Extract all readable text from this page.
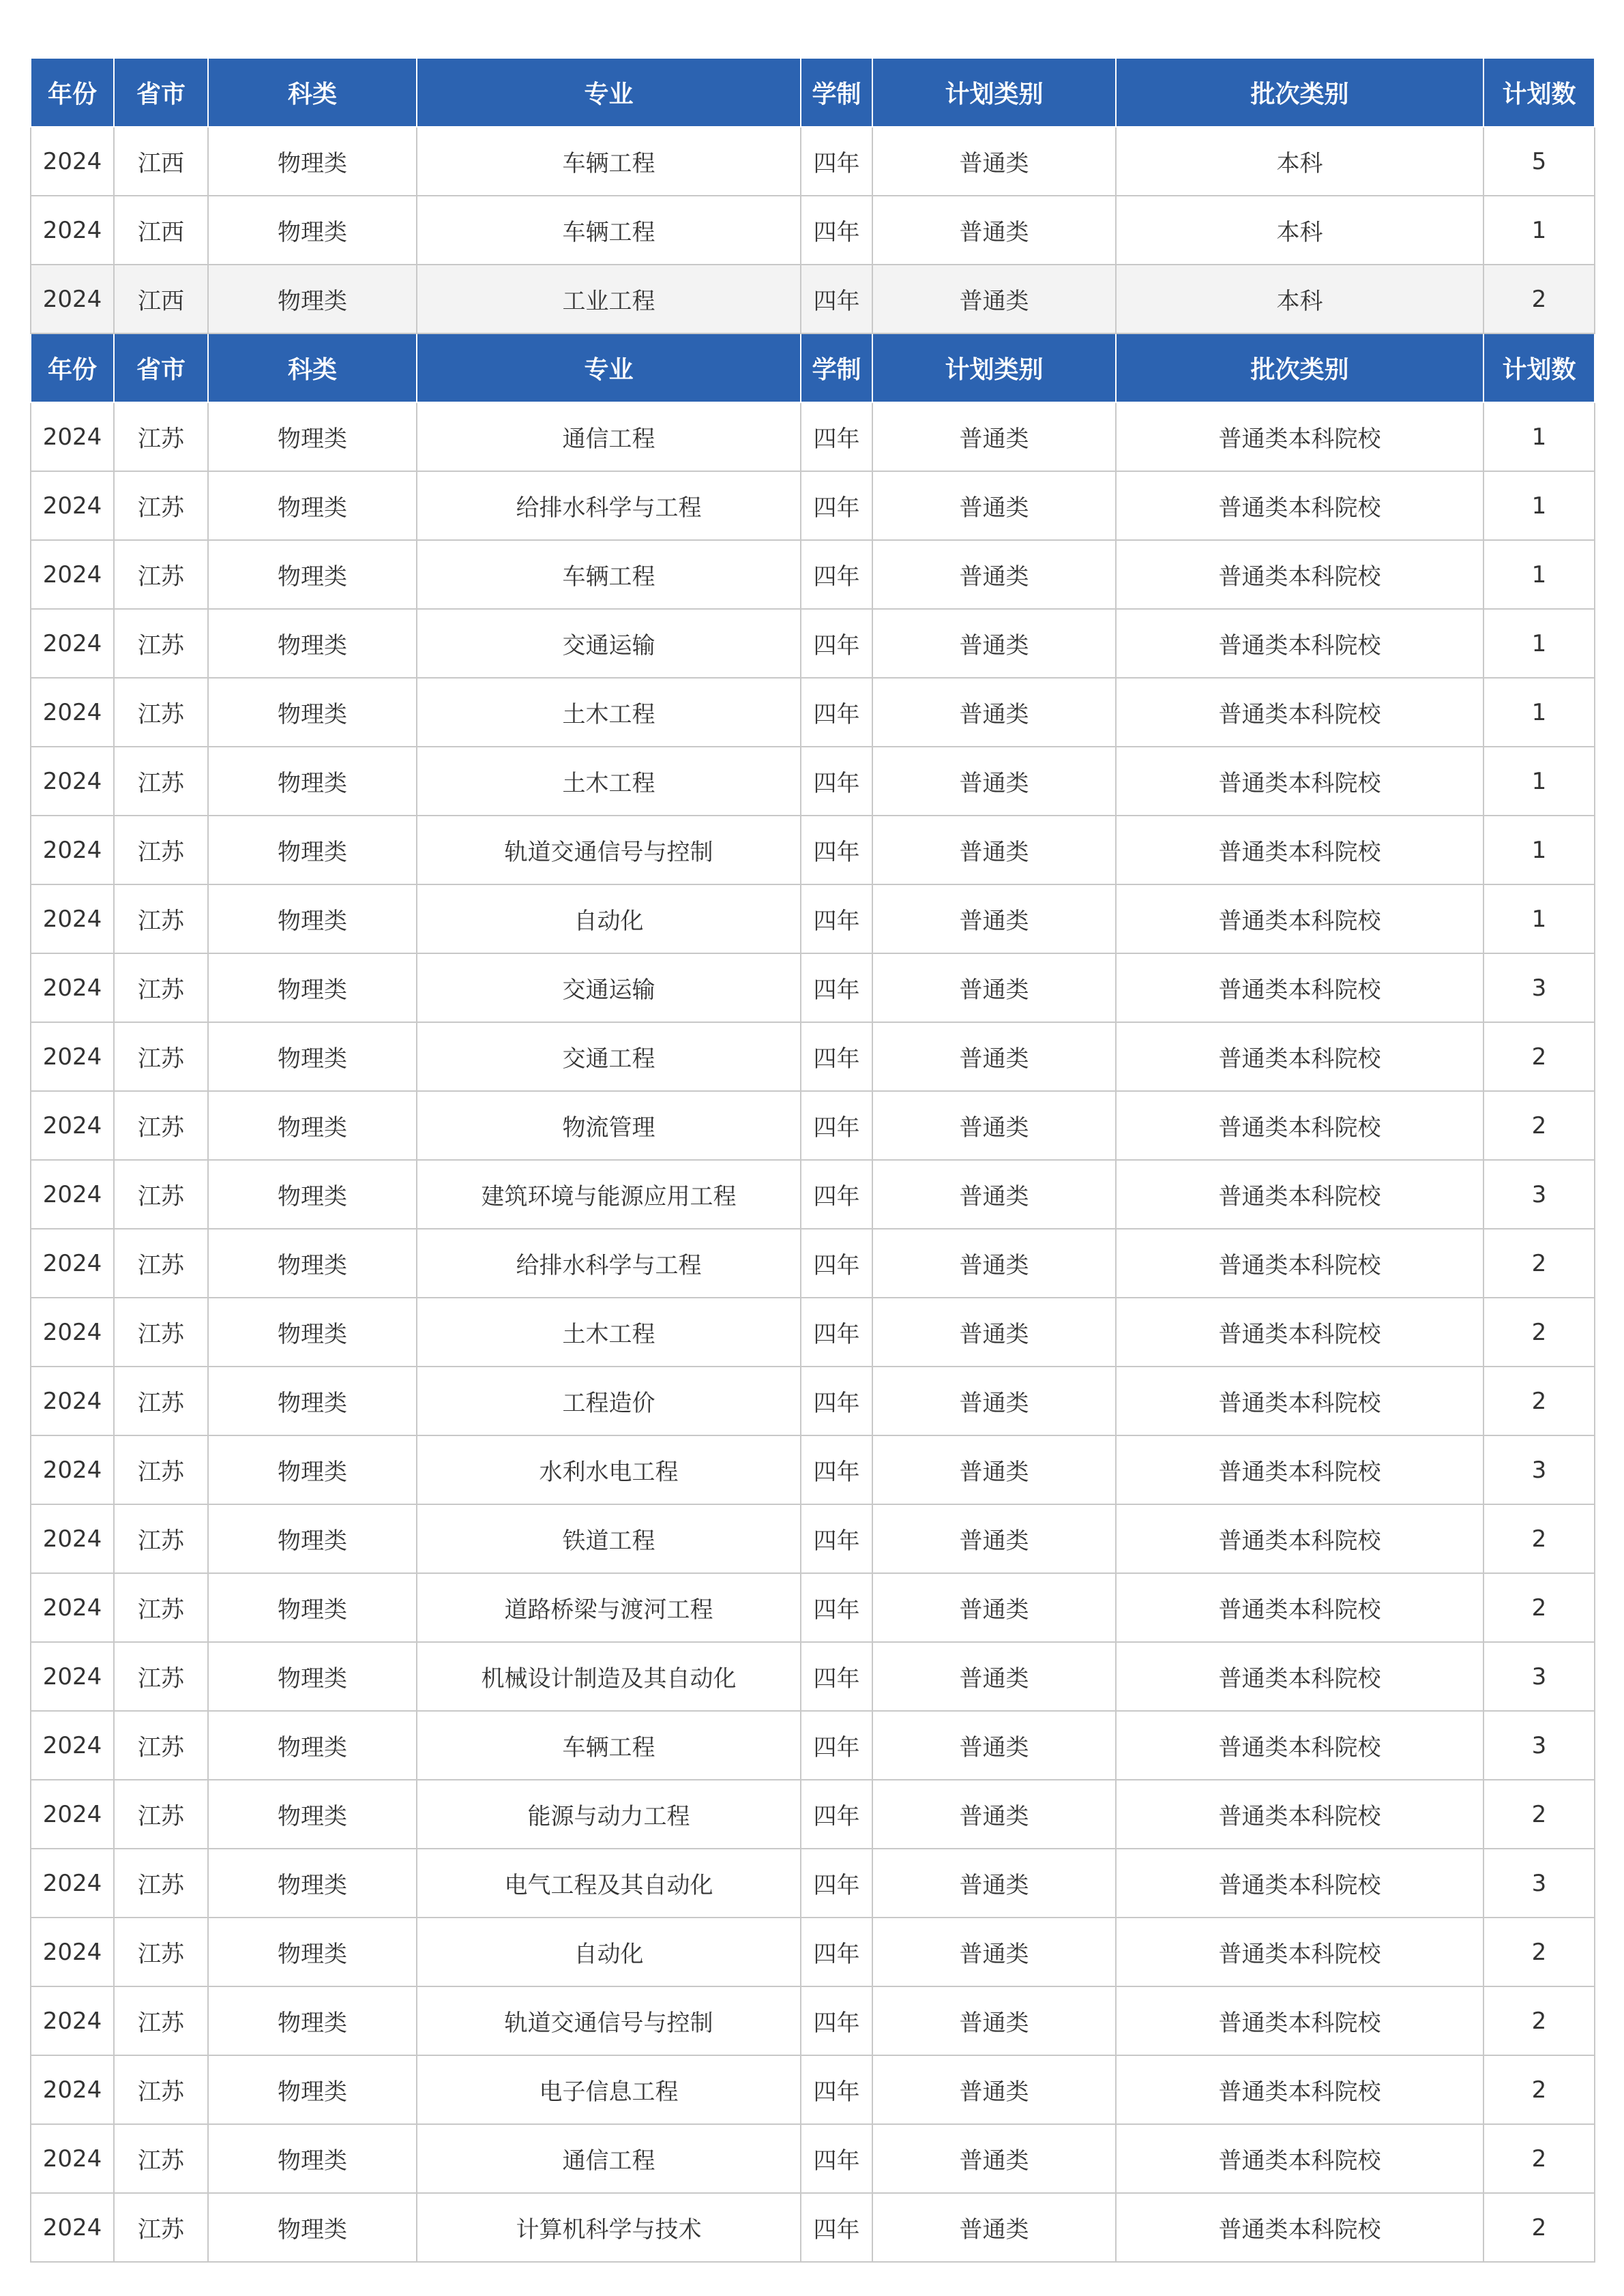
年份	省市	科类	专业	学制	计划类别	批次类别	计划数
2024	江西	物理类	车辆工程	四年	普通类	本科	5
2024	江西	物理类	车辆工程	四年	普通类	本科	1
2024	江西	物理类	工业工程	四年	普通类	本科	2
年份	省市	科类	专业	学制	计划类别	批次类别	计划数
2024	江苏	物理类	通信工程	四年	普通类	普通类本科院校	1
2024	江苏	物理类	给排水科学与工程	四年	普通类	普通类本科院校	1
2024	江苏	物理类	车辆工程	四年	普通类	普通类本科院校	1
2024	江苏	物理类	交通运输	四年	普通类	普通类本科院校	1
2024	江苏	物理类	土木工程	四年	普通类	普通类本科院校	1
2024	江苏	物理类	土木工程	四年	普通类	普通类本科院校	1
2024	江苏	物理类	轨道交通信号与控制	四年	普通类	普通类本科院校	1
2024	江苏	物理类	自动化	四年	普通类	普通类本科院校	1
2024	江苏	物理类	交通运输	四年	普通类	普通类本科院校	3
2024	江苏	物理类	交通工程	四年	普通类	普通类本科院校	2
2024	江苏	物理类	物流管理	四年	普通类	普通类本科院校	2
2024	江苏	物理类	建筑环境与能源应用工程	四年	普通类	普通类本科院校	3
2024	江苏	物理类	给排水科学与工程	四年	普通类	普通类本科院校	2
2024	江苏	物理类	土木工程	四年	普通类	普通类本科院校	2
2024	江苏	物理类	工程造价	四年	普通类	普通类本科院校	2
2024	江苏	物理类	水利水电工程	四年	普通类	普通类本科院校	3
2024	江苏	物理类	铁道工程	四年	普通类	普通类本科院校	2
2024	江苏	物理类	道路桥梁与渡河工程	四年	普通类	普通类本科院校	2
2024	江苏	物理类	机械设计制造及其自动化	四年	普通类	普通类本科院校	3
2024	江苏	物理类	车辆工程	四年	普通类	普通类本科院校	3
2024	江苏	物理类	能源与动力工程	四年	普通类	普通类本科院校	2
2024	江苏	物理类	电气工程及其自动化	四年	普通类	普通类本科院校	3
2024	江苏	物理类	自动化	四年	普通类	普通类本科院校	2
2024	江苏	物理类	轨道交通信号与控制	四年	普通类	普通类本科院校	2
2024	江苏	物理类	电子信息工程	四年	普通类	普通类本科院校	2
2024	江苏	物理类	通信工程	四年	普通类	普通类本科院校	2
2024	江苏	物理类	计算机科学与技术	四年	普通类	普通类本科院校	2
